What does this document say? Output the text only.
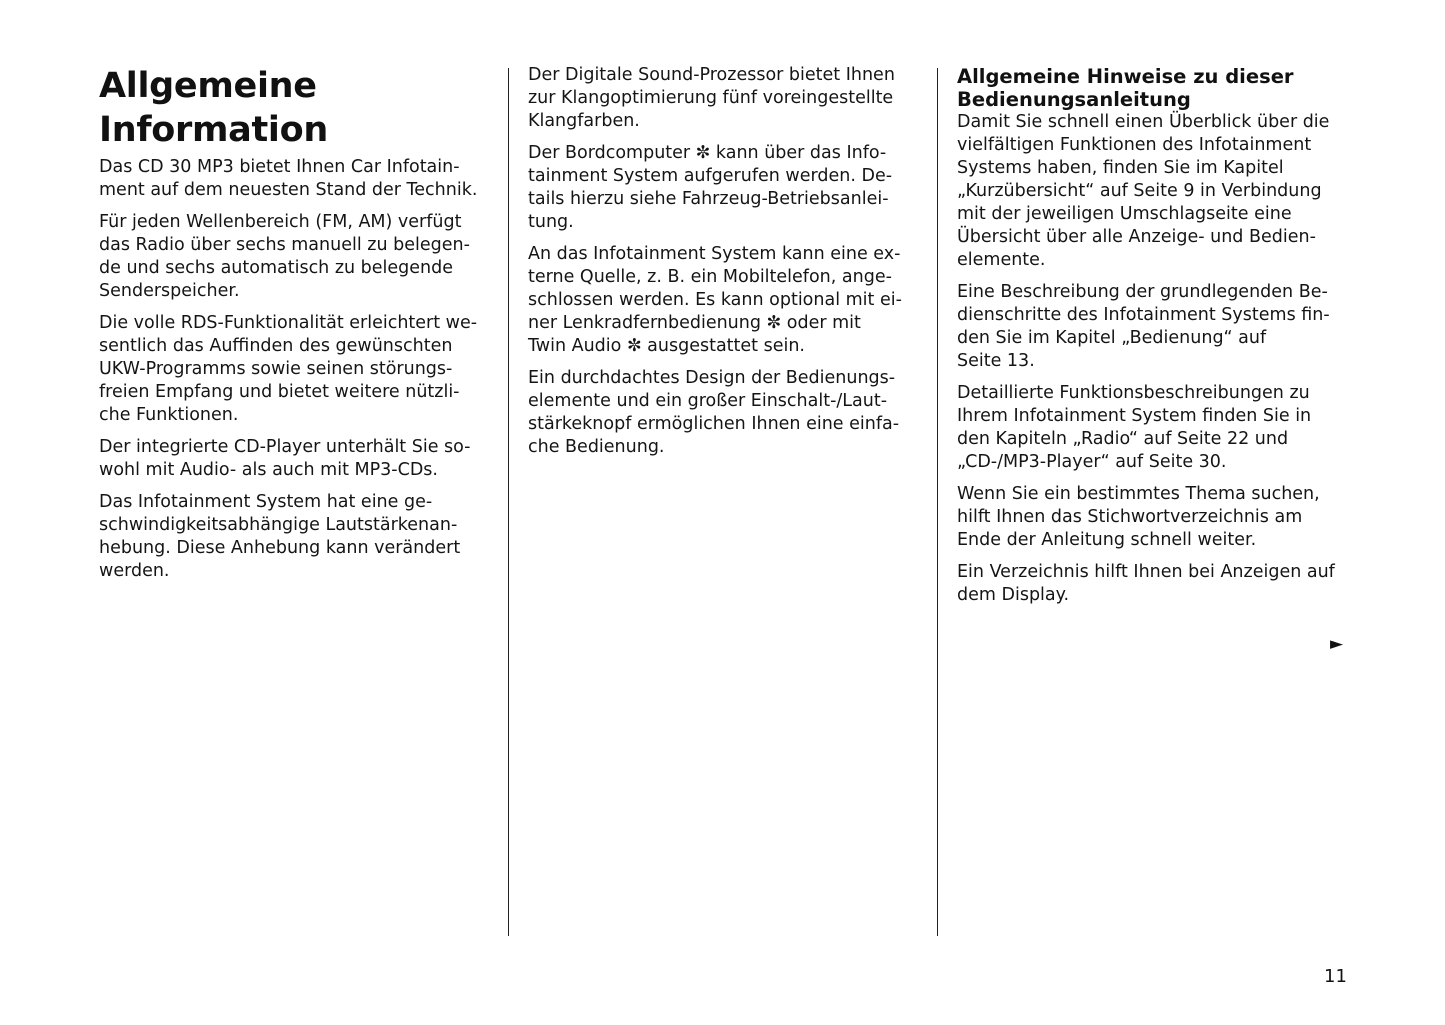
Allgemeine Information

Das CD 30 MP3 bietet Ihnen Car Infotain-
ment auf dem neuesten Stand der Technik.

Für jeden Wellenbereich (FM, AM) verfügt
das Radio über sechs manuell zu belegen-
de und sechs automatisch zu belegende
Senderspeicher.

Die volle RDS-Funktionalität erleichtert we-
sentlich das Auffinden des gewünschten
UKW-Programms sowie seinen störungs-
freien Empfang und bietet weitere nützli-
che Funktionen.

Der integrierte CD-Player unterhält Sie so-
wohl mit Audio- als auch mit MP3-CDs.

Das Infotainment System hat eine ge-
schwindigkeitsabhängige Lautstärkenan-
hebung. Diese Anhebung kann verändert
werden.

Der Digitale Sound-Prozessor bietet Ihnen
zur Klangoptimierung fünf voreingestellte
Klangfarben.

Der Bordcomputer ✼ kann über das Info-
tainment System aufgerufen werden. De-
tails hierzu siehe Fahrzeug-Betriebsanlei-
tung.

An das Infotainment System kann eine ex-
terne Quelle, z. B. ein Mobiltelefon, ange-
schlossen werden. Es kann optional mit ei-
ner Lenkradfernbedienung ✼ oder mit
Twin Audio ✼ ausgestattet sein.

Ein durchdachtes Design der Bedienungs-
elemente und ein großer Einschalt-/Laut-
stärkeknopf ermöglichen Ihnen eine einfa-
che Bedienung.

Allgemeine Hinweise zu dieser
Bedienungsanleitung

Damit Sie schnell einen Überblick über die
vielfältigen Funktionen des Infotainment
Systems haben, finden Sie im Kapitel
„Kurzübersicht“ auf Seite 9 in Verbindung
mit der jeweiligen Umschlagseite eine
Übersicht über alle Anzeige- und Bedien-
elemente.

Eine Beschreibung der grundlegenden Be-
dienschritte des Infotainment Systems fin-
den Sie im Kapitel „Bedienung“ auf
Seite 13.

Detaillierte Funktionsbeschreibungen zu
Ihrem Infotainment System finden Sie in
den Kapiteln „Radio“ auf Seite 22 und
„CD-/MP3-Player“ auf Seite 30.

Wenn Sie ein bestimmtes Thema suchen,
hilft Ihnen das Stichwortverzeichnis am
Ende der Anleitung schnell weiter.

Ein Verzeichnis hilft Ihnen bei Anzeigen auf
dem Display.

►
11
